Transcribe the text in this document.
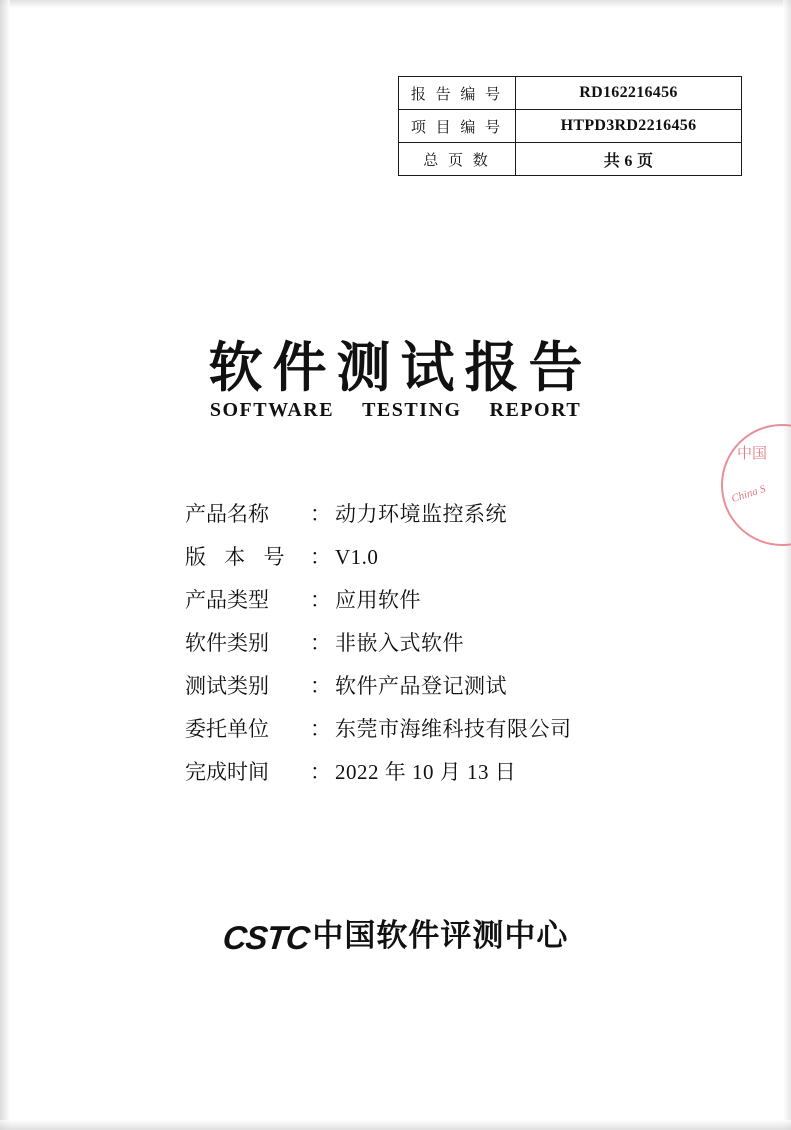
报 告 编 号	RD162216456
项 目 编 号	HTPD3RD2216456
总 页 数	共 6 页
软件测试报告
SOFTWARE TESTING REPORT
产品名称	： 动力环境监控系统
版 本 号 ： V1.0
产品类型	： 应用软件
软件类别	： 非嵌入式软件
测试类别	： 软件产品登记测试
委托单位	： 东莞市海维科技有限公司
完成时间	： 2022 年 10 月 13 日
CSTC中国软件评测中心
中国
China S
